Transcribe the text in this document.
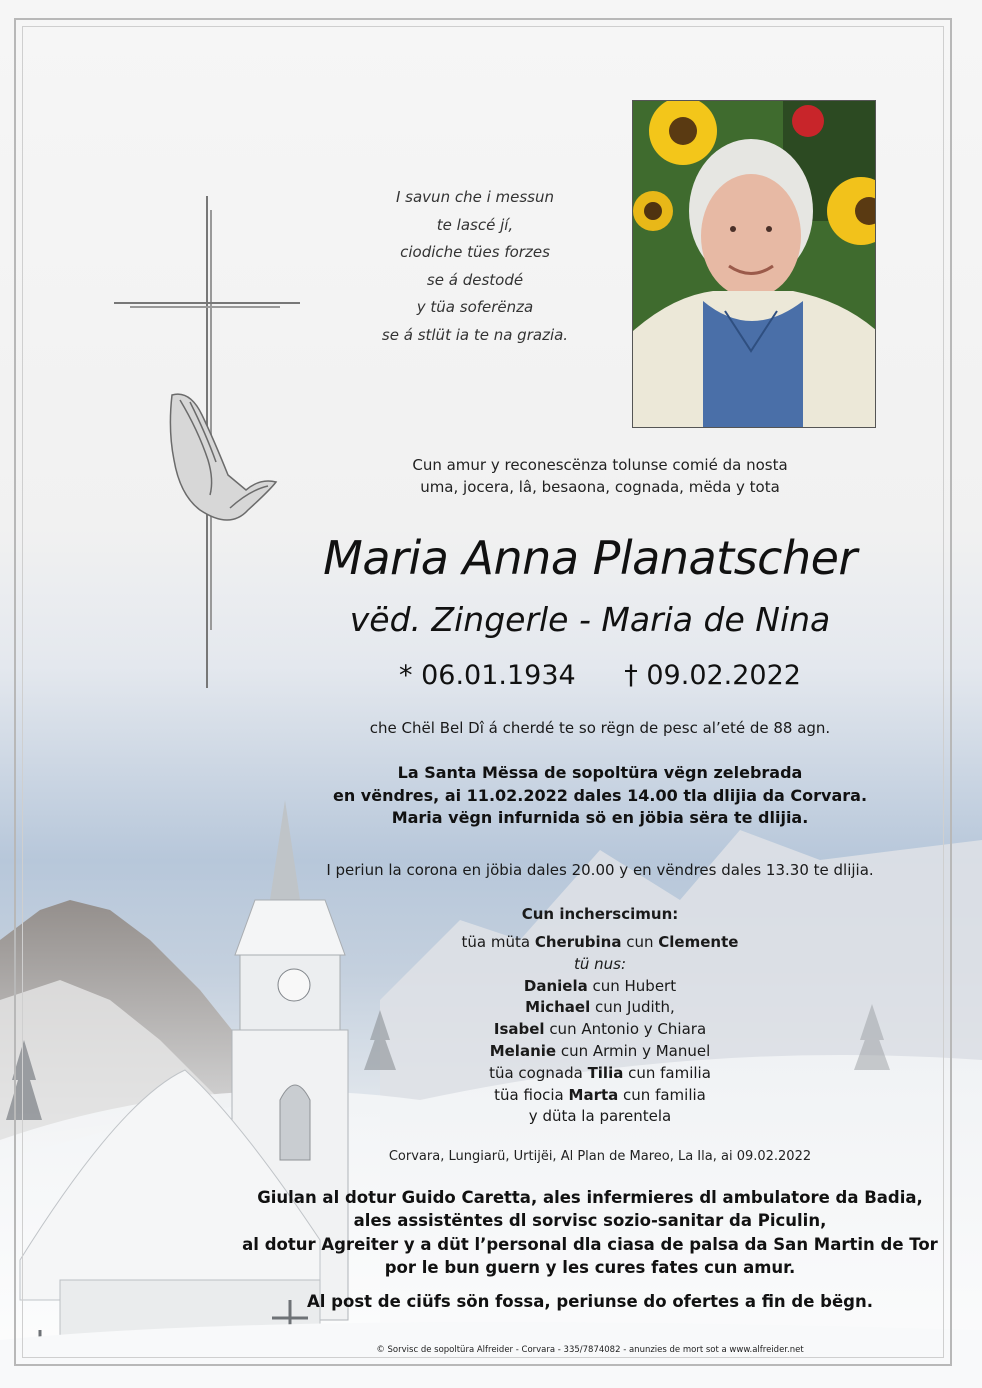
I savun che i messun
te lascé jí,
ciodiche tües forzes
se á destodé
y tüa soferënza
se á stlüt ia te na grazia.
Cun amur y reconescënza tolunse comié da nosta
uma, jocera, lâ, besaona, cognada, mëda y tota
Maria Anna Planatscher
vëd. Zingerle - Maria de Nina
* 06.01.1934 † 09.02.2022
che Chël Bel Dî á cherdé te so rëgn de pesc al’eté de 88 agn.
La Santa Mëssa de sopoltüra vëgn zelebrada
en vëndres, ai 11.02.2022 dales 14.00 tla dlijia da Corvara.
Maria vëgn infurnida sö en jöbia sëra te dlijia.
I periun la corona en jöbia dales 20.00 y en vëndres dales 13.30 te dlijia.
Cun incherscimun:
tüa müta Cherubina cun Clemente
tü nus:
Daniela cun Hubert
Michael cun Judith,
Isabel cun Antonio y Chiara
Melanie cun Armin y Manuel
tüa cognada Tilia cun familia
tüa fiocia Marta cun familia
y düta la parentela
Corvara, Lungiarü, Urtijëi, Al Plan de Mareo, La Ila, ai 09.02.2022
Giulan al dotur Guido Caretta, ales infermieres dl ambulatore da Badia,
ales assistëntes dl sorvisc sozio-sanitar da Piculin,
al dotur Agreiter y a düt l’personal dla ciasa de palsa da San Martin de Tor
por le bun guern y les cures fates cun amur.
Al post de ciüfs sön fossa, periunse do ofertes a fin de bëgn.
© Sorvisc de sopoltüra Alfreider - Corvara - 335/7874082 - anunzies de mort sot a www.alfreider.net
